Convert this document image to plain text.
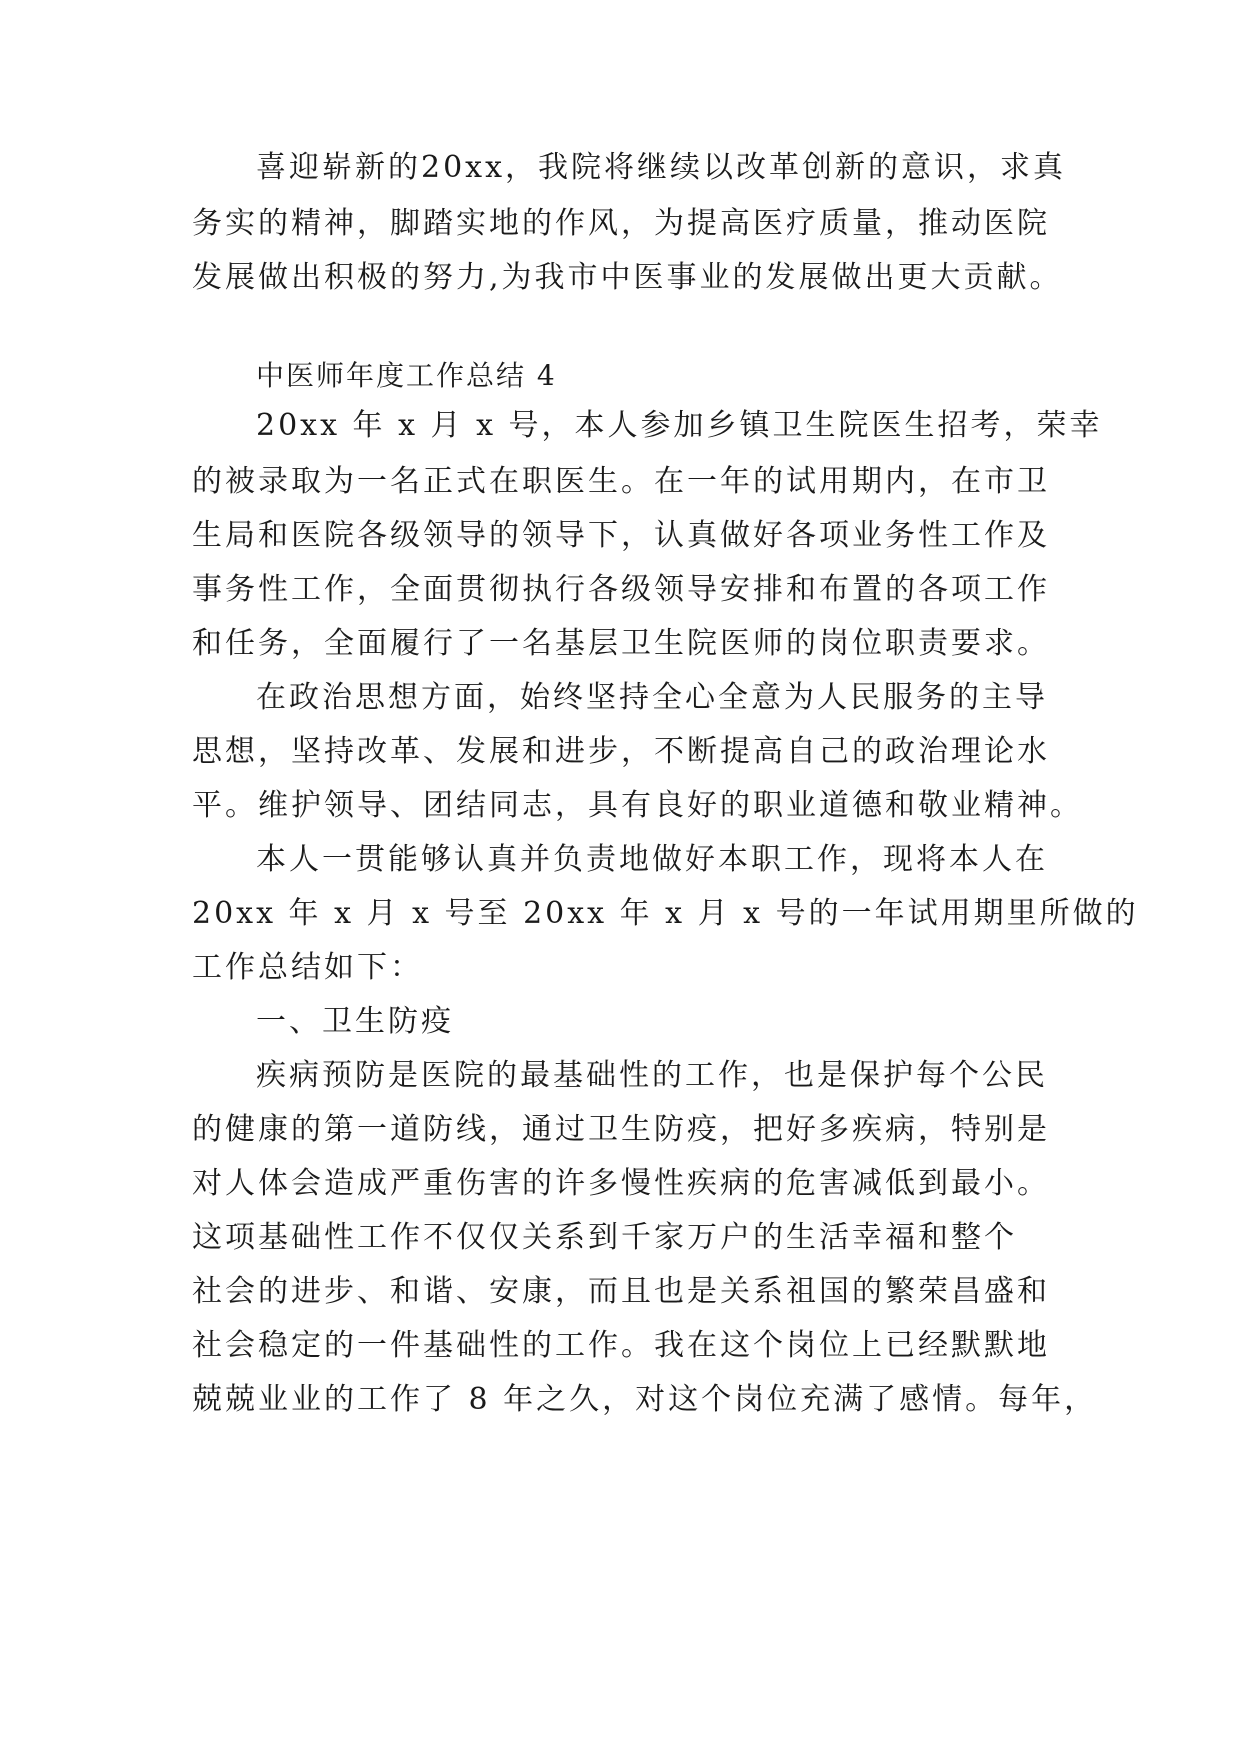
喜迎崭新的20xx，我院将继续以改革创新的意识，求真
务实的精神，脚踏实地的作风，为提高医疗质量，推动医院
发展做出积极的努力,为我市中医事业的发展做出更大贡献。
中医师年度工作总结 4
20xx 年 x 月 x 号，本人参加乡镇卫生院医生招考，荣幸
的被录取为一名正式在职医生。在一年的试用期内，在市卫
生局和医院各级领导的领导下，认真做好各项业务性工作及
事务性工作，全面贯彻执行各级领导安排和布置的各项工作
和任务，全面履行了一名基层卫生院医师的岗位职责要求。
在政治思想方面，始终坚持全心全意为人民服务的主导
思想，坚持改革、发展和进步，不断提高自己的政治理论水
平。维护领导、团结同志，具有良好的职业道德和敬业精神。
本人一贯能够认真并负责地做好本职工作，现将本人在
20xx 年 x 月 x 号至 20xx 年 x 月 x 号的一年试用期里所做的
工作总结如下：
一、卫生防疫
疾病预防是医院的最基础性的工作，也是保护每个公民
的健康的第一道防线，通过卫生防疫，把好多疾病，特别是
对人体会造成严重伤害的许多慢性疾病的危害减低到最小。
这项基础性工作不仅仅关系到千家万户的生活幸福和整个
社会的进步、和谐、安康，而且也是关系祖国的繁荣昌盛和
社会稳定的一件基础性的工作。我在这个岗位上已经默默地
兢兢业业的工作了 8 年之久，对这个岗位充满了感情。每年，
